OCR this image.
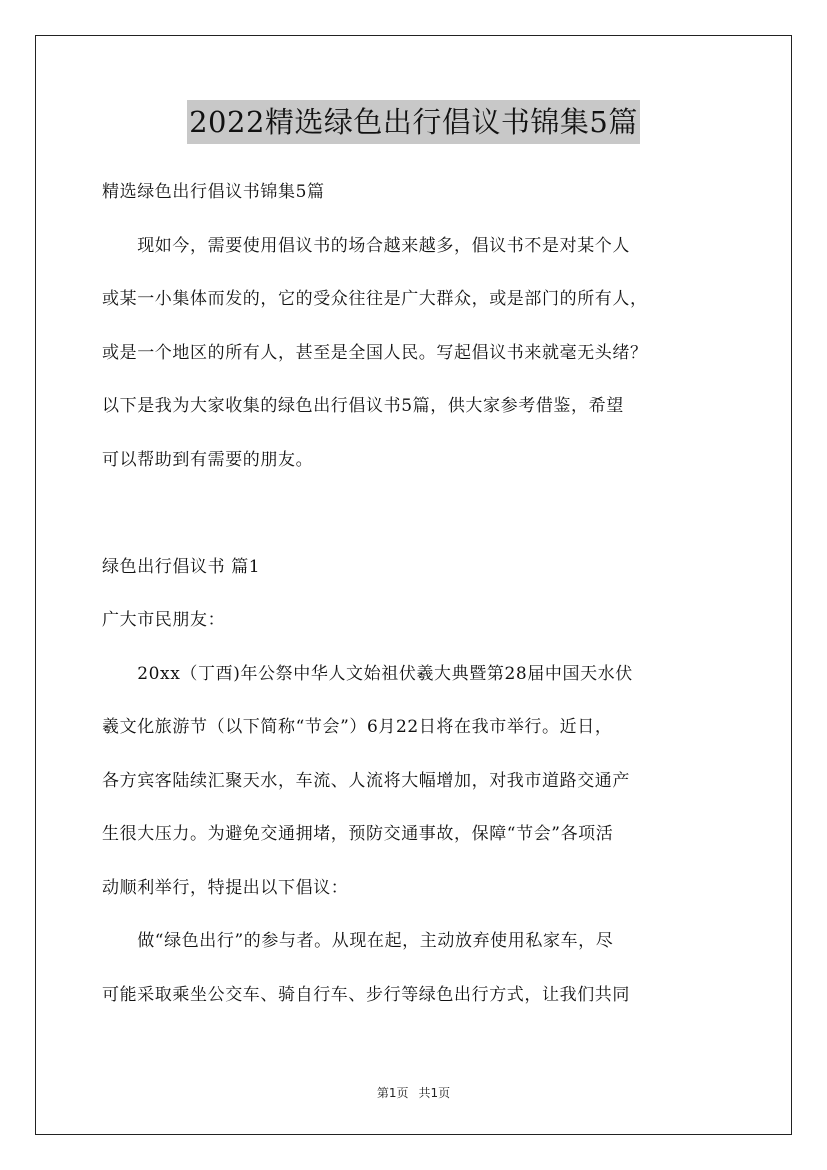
2022精选绿色出行倡议书锦集5篇
精选绿色出行倡议书锦集5篇
　　现如今，需要使用倡议书的场合越来越多，倡议书不是对某个人
或某一小集体而发的，它的受众往往是广大群众，或是部门的所有人，
或是一个地区的所有人，甚至是全国人民。写起倡议书来就毫无头绪？
以下是我为大家收集的绿色出行倡议书5篇，供大家参考借鉴，希望
可以帮助到有需要的朋友。
绿色出行倡议书 篇1
广大市民朋友：
　　20xx（丁酉)年公祭中华人文始祖伏羲大典暨第28届中国天水伏
羲文化旅游节（以下简称“节会”）6月22日将在我市举行。近日，
各方宾客陆续汇聚天水，车流、人流将大幅增加，对我市道路交通产
生很大压力。为避免交通拥堵，预防交通事故，保障“节会”各项活
动顺利举行，特提出以下倡议：
　　做“绿色出行”的参与者。从现在起，主动放弃使用私家车，尽
可能采取乘坐公交车、骑自行车、步行等绿色出行方式，让我们共同
第1页 共1页
